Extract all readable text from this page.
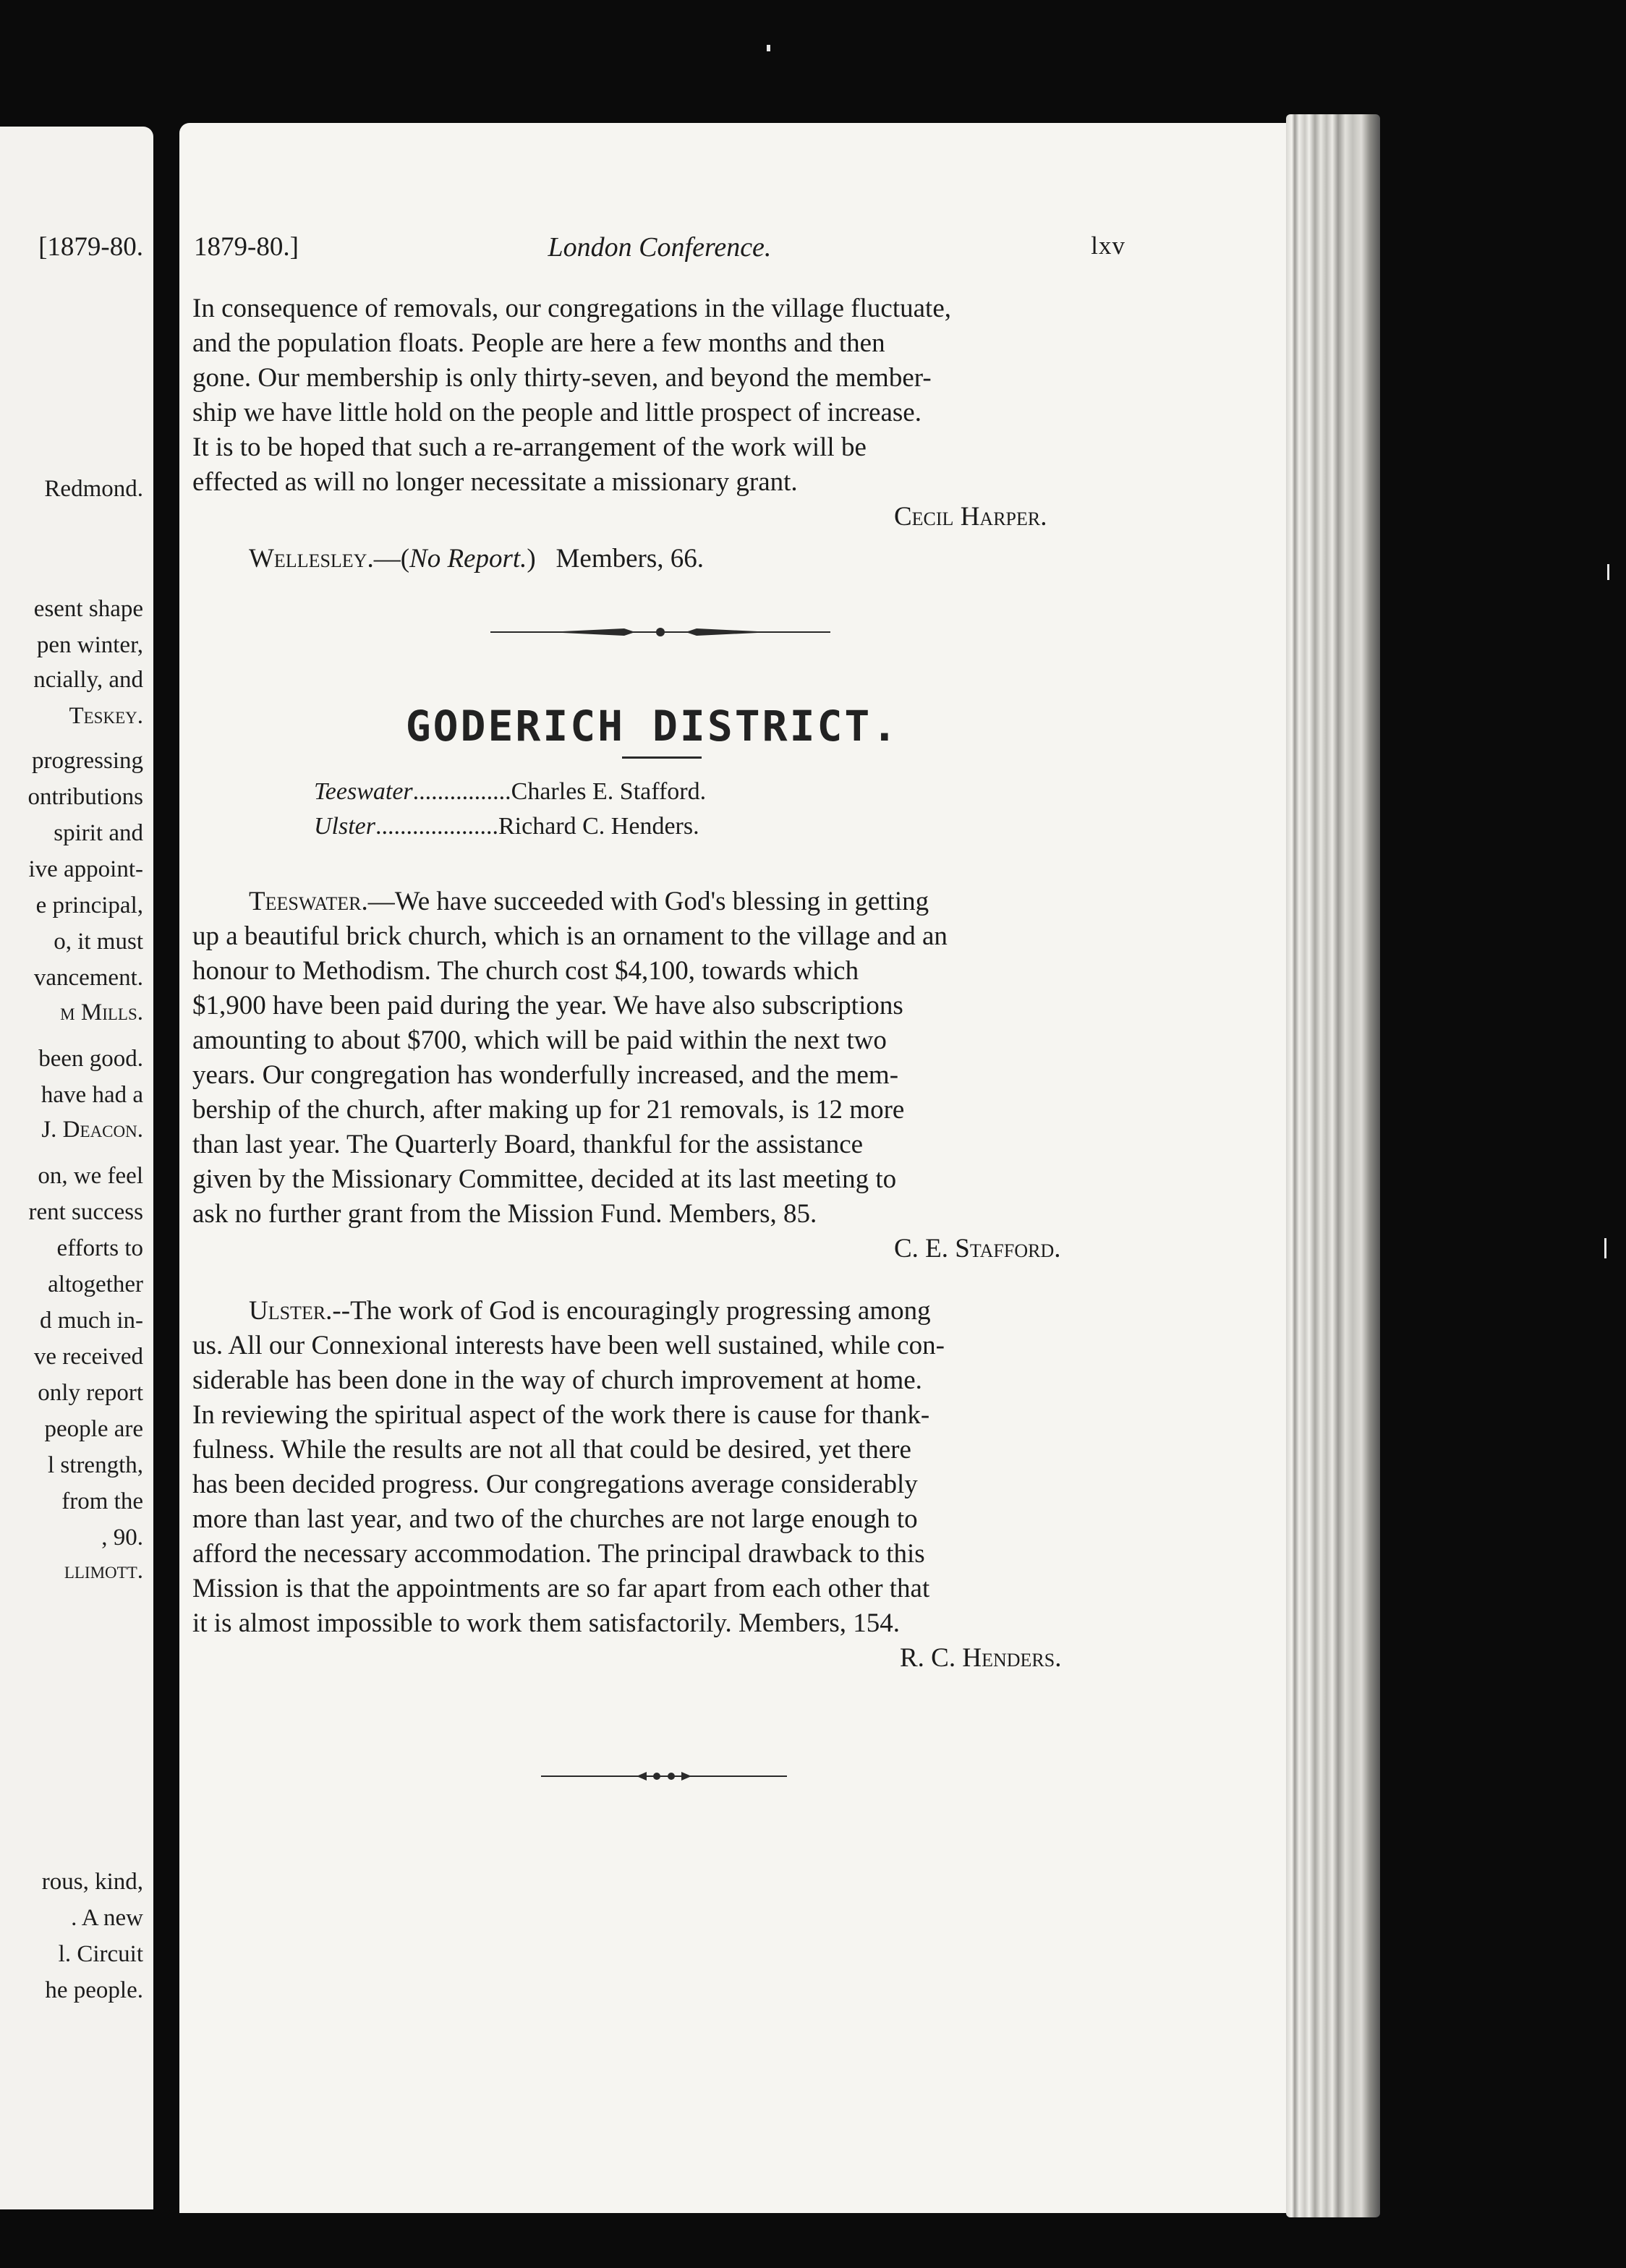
[1879-80.
Redmond.
esent shape
pen winter,
ncially, and
Teskey.
progressing
ontributions
spirit and
ive appoint-
e principal,
o, it must
vancement.
m Mills.
been good.
have had a
J. Deacon.
on, we feel
rent success
efforts to
altogether
d much in-
ve received
only report
people are
l strength,
from the
, 90.
llimott.
rous, kind,
. A new
l. Circuit
he people.
1879-80.]	London Conference.	lxv
In consequence of removals, our congregations in the village fluctuate,
and the population floats. People are here a few months and then
gone. Our membership is only thirty-seven, and beyond the member-
ship we have little hold on the people and little prospect of increase.
It is to be hoped that such a re-arrangement of the work will be
effected as will no longer necessitate a missionary grant.
Cecil Harper.
Wellesley.—(No Report.) Members, 66.
GODERICH DISTRICT.
Teeswater................Charles E. Stafford.
Ulster....................Richard C. Henders.
Teeswater.—We have succeeded with God's blessing in getting
up a beautiful brick church, which is an ornament to the village and an
honour to Methodism. The church cost $4,100, towards which
$1,900 have been paid during the year. We have also subscriptions
amounting to about $700, which will be paid within the next two
years. Our congregation has wonderfully increased, and the mem-
bership of the church, after making up for 21 removals, is 12 more
than last year. The Quarterly Board, thankful for the assistance
given by the Missionary Committee, decided at its last meeting to
ask no further grant from the Mission Fund. Members, 85.
C. E. Stafford.
Ulster.--The work of God is encouragingly progressing among
us. All our Connexional interests have been well sustained, while con-
siderable has been done in the way of church improvement at home.
In reviewing the spiritual aspect of the work there is cause for thank-
fulness. While the results are not all that could be desired, yet there
has been decided progress. Our congregations average considerably
more than last year, and two of the churches are not large enough to
afford the necessary accommodation. The principal drawback to this
Mission is that the appointments are so far apart from each other that
it is almost impossible to work them satisfactorily. Members, 154.
R. C. Henders.
